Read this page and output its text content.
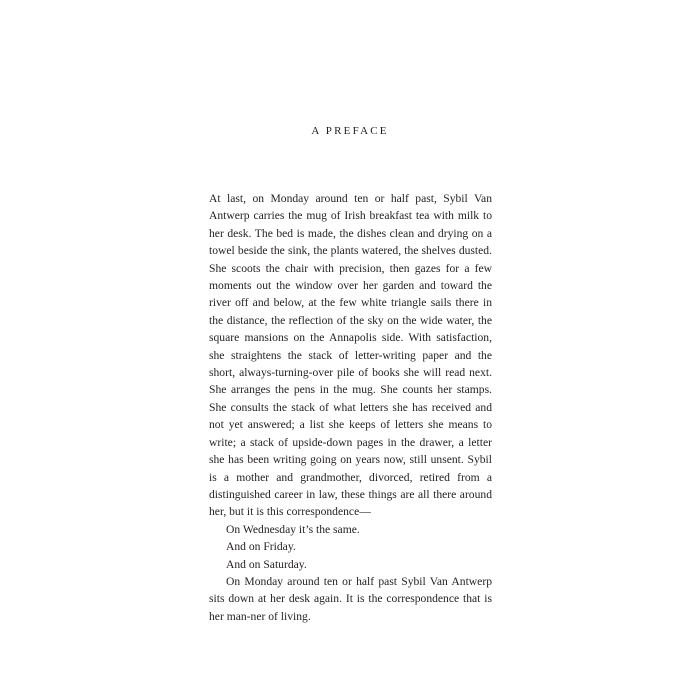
A PREFACE

At last, on Monday around ten or half past, Sybil Van Antwerp carries the mug of Irish breakfast tea with milk to her desk. The bed is made, the dishes clean and drying on a towel beside the sink, the plants watered, the shelves dusted. She scoots the chair with precision, then gazes for a few moments out the window over her garden and toward the river off and below, at the few white triangle sails there in the distance, the reflection of the sky on the wide water, the square mansions on the Annapolis side. With satisfaction, she straightens the stack of letter-writing paper and the short, always-turning-over pile of books she will read next. She arranges the pens in the mug. She counts her stamps. She consults the stack of what letters she has received and not yet answered; a list she keeps of letters she means to write; a stack of upside-down pages in the drawer, a letter she has been writing going on years now, still unsent. Sybil is a mother and grandmother, divorced, retired from a distinguished career in law, these things are all there around her, but it is this correspondence—

On Wednesday it’s the same.

And on Friday.

And on Saturday.

On Monday around ten or half past Sybil Van Antwerp sits down at her desk again. It is the correspondence that is her man-ner of living.
